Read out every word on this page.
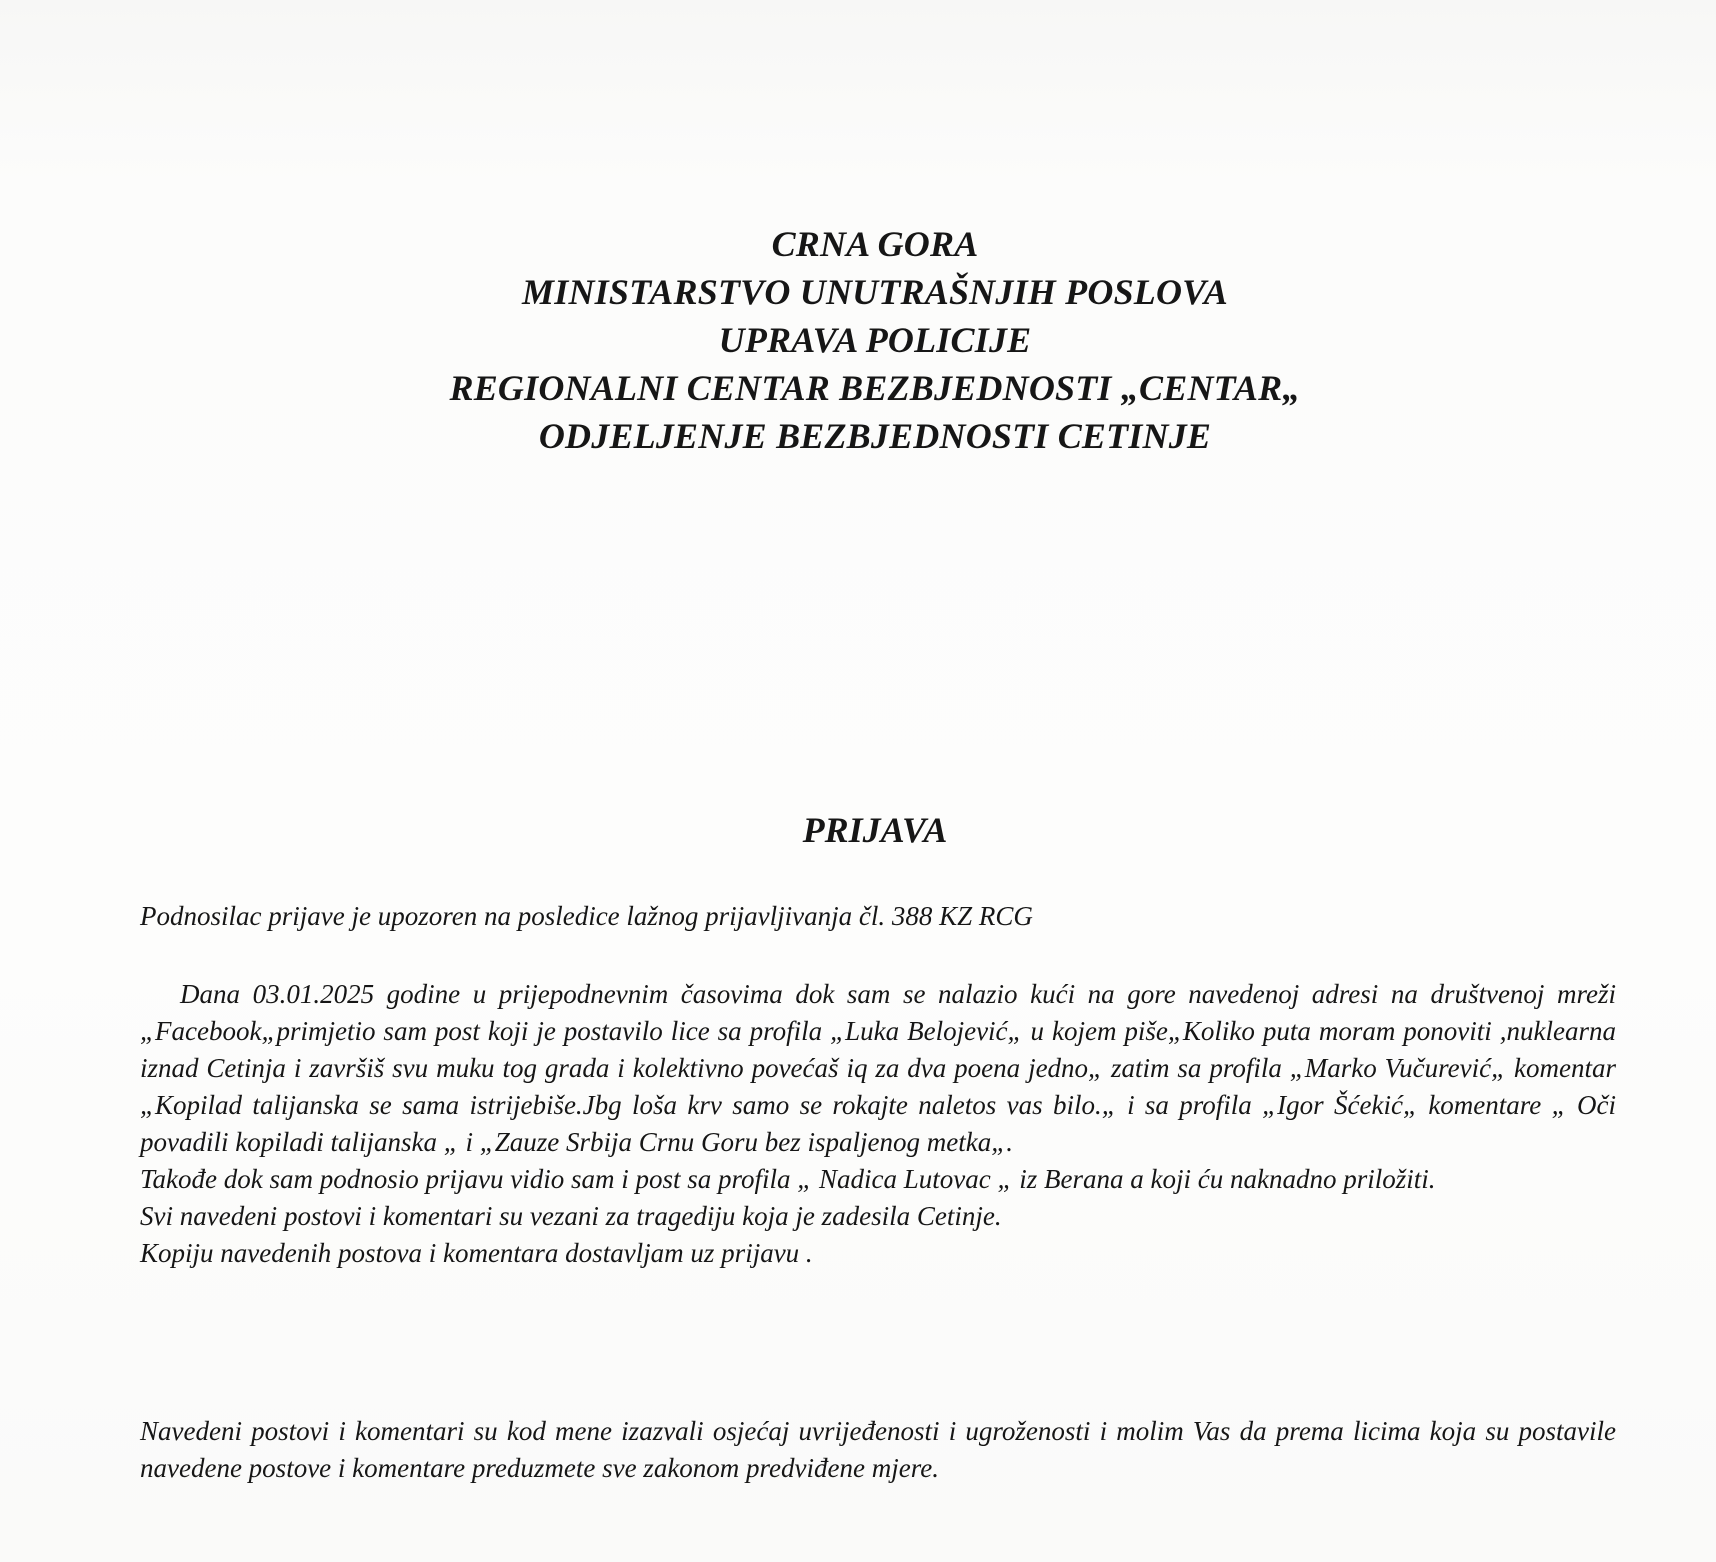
CRNA GORA
MINISTARSTVO UNUTRAŠNJIH POSLOVA
UPRAVA POLICIJE
REGIONALNI CENTAR BEZBJEDNOSTI „CENTAR„
ODJELJENJE BEZBJEDNOSTI CETINJE
PRIJAVA
Podnosilac prijave je upozoren na posledice lažnog prijavljivanja čl. 388 KZ RCG

Dana 03.01.2025 godine u prijepodnevnim časovima dok sam se nalazio kući na gore navedenoj adresi na društvenoj mreži „Facebook„primjetio sam post koji je postavilo lice sa profila „Luka Belojević„ u kojem piše„Koliko puta moram ponoviti ,nuklearna iznad Cetinja i završiš svu muku tog grada i kolektivno povećaš iq za dva poena jedno„ zatim sa profila „Marko Vučurević„ komentar „Kopilad talijanska se sama istrijebiše.Jbg loša krv samo se rokajte naletos vas bilo.„ i sa profila „Igor Šćekić„ komentare „ Oči povadili kopiladi talijanska „ i „Zauze Srbija Crnu Goru bez ispaljenog metka„.

Takođe dok sam podnosio prijavu vidio sam i post sa profila „ Nadica Lutovac „ iz Berana a koji ću naknadno priložiti.

Svi navedeni postovi i komentari su vezani za tragediju koja je zadesila Cetinje.

Kopiju navedenih postova i komentara dostavljam uz prijavu .

Navedeni postovi i komentari su kod mene izazvali osjećaj uvrijeđenosti i ugroženosti i molim Vas da prema licima koja su postavile navedene postove i komentare preduzmete sve zakonom predviđene mjere.
